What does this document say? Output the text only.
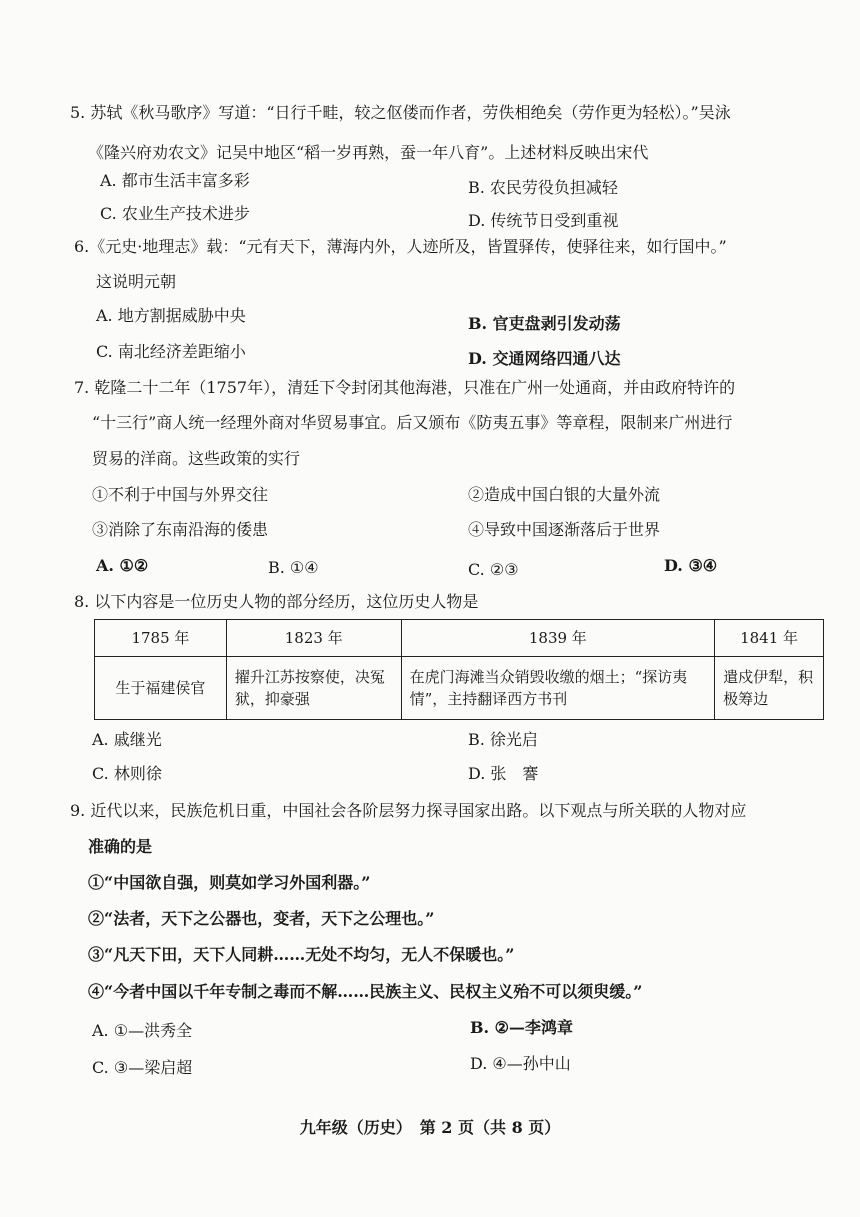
5. 苏轼《秋马歌序》写道：“日行千畦，较之伛偻而作者，劳佚相绝矣（劳作更为轻松）。”吴泳
《隆兴府劝农文》记吴中地区“稻一岁再熟，蚕一年八育”。上述材料反映出宋代
A. 都市生活丰富多彩	B. 农民劳役负担减轻
C. 农业生产技术进步	D. 传统节日受到重视
6.《元史·地理志》载：“元有天下，薄海内外，人迹所及，皆置驿传，使驿往来，如行国中。”
这说明元朝
A. 地方割据威胁中央	B. 官吏盘剥引发动荡
C. 南北经济差距缩小	D. 交通网络四通八达
7. 乾隆二十二年（1757年），清廷下令封闭其他海港，只准在广州一处通商，并由政府特许的
“十三行”商人统一经理外商对华贸易事宜。后又颁布《防夷五事》等章程，限制来广州进行
贸易的洋商。这些政策的实行
①不利于中国与外界交往	②造成中国白银的大量外流
③消除了东南沿海的倭患	④导致中国逐渐落后于世界
A. ①②	B. ①④	C. ②③	D. ③④
8. 以下内容是一位历史人物的部分经历，这位历史人物是
1785 年	1823 年	1839 年	1841 年
生于福建侯官	擢升江苏按察使，决冤狱，抑豪强	在虎门海滩当众销毁收缴的烟土；“探访夷情”，主持翻译西方书刊	遣戍伊犁，积极筹边
A. 戚继光	B. 徐光启
C. 林则徐	D. 张　謇
9. 近代以来，民族危机日重，中国社会各阶层努力探寻国家出路。以下观点与所关联的人物对应
准确的是
①“中国欲自强，则莫如学习外国利器。”
②“法者，天下之公器也，变者，天下之公理也。”
③“凡天下田，天下人同耕……无处不均匀，无人不保暖也。”
④“今者中国以千年专制之毒而不解……民族主义、民权主义殆不可以须臾缓。”
A. ①—洪秀全	B. ②—李鸿章
C. ③—梁启超	D. ④—孙中山
九年级（历史）　第 2 页（共 8 页）
